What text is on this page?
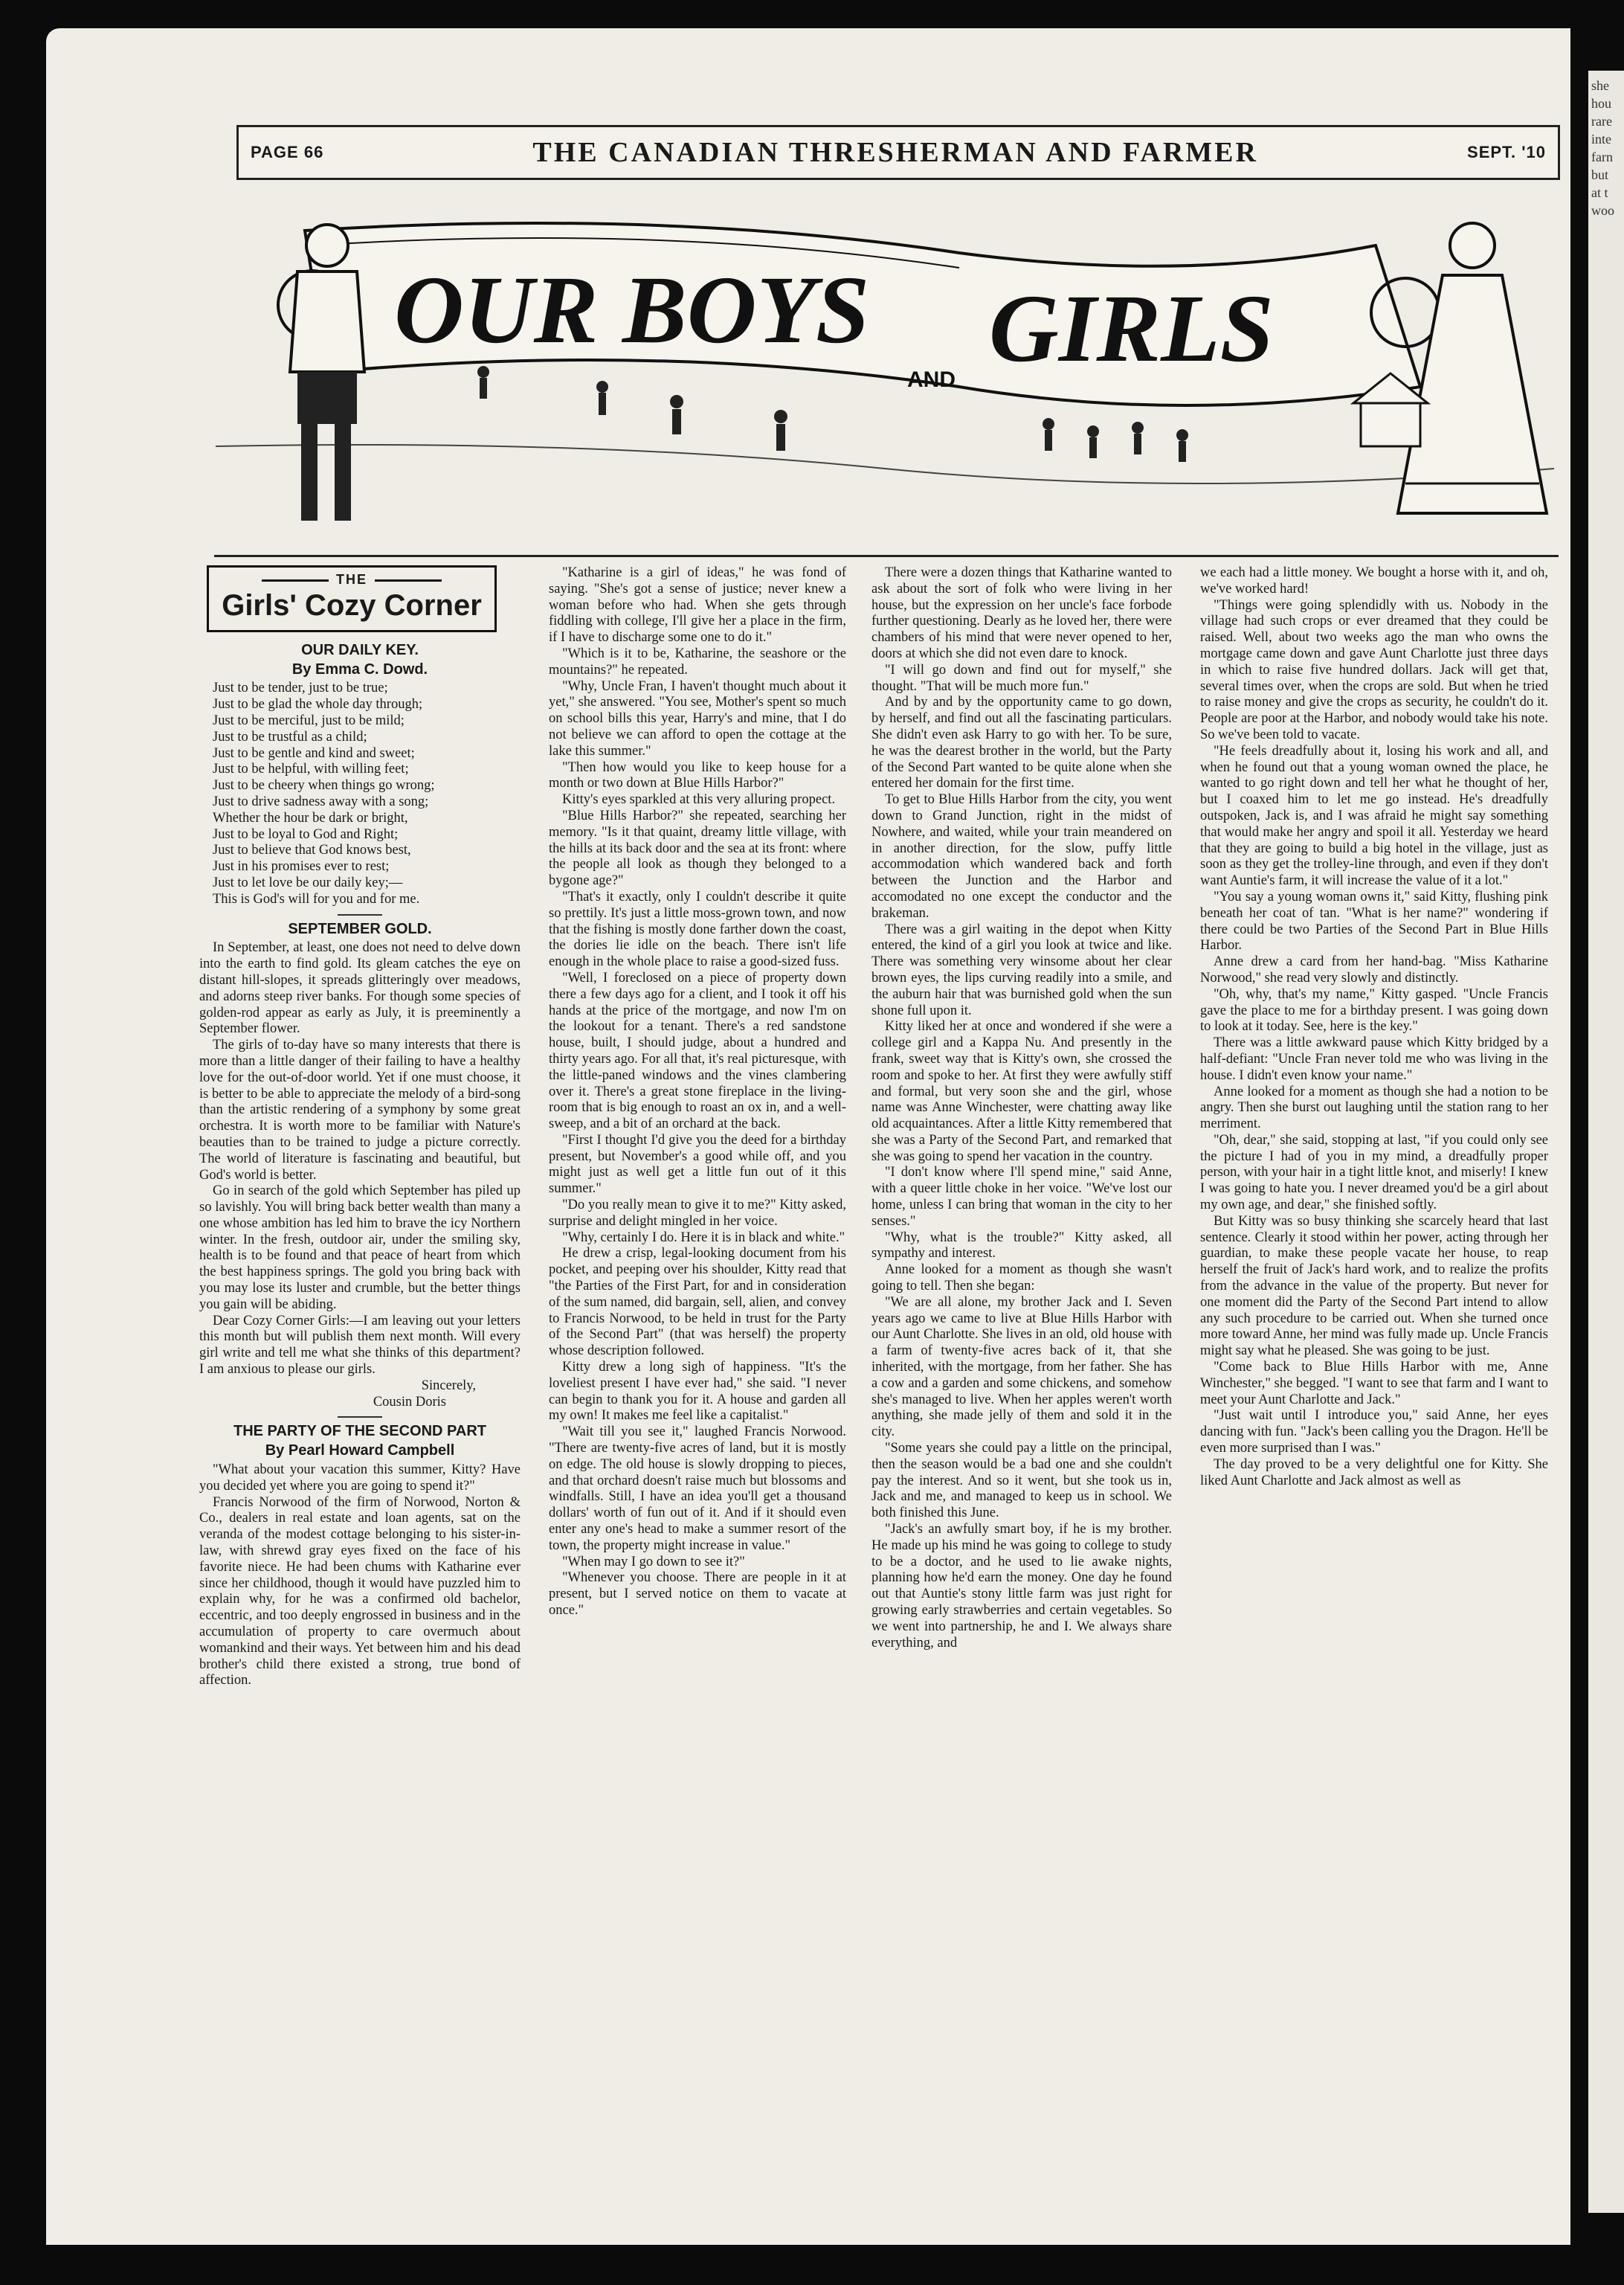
she
hou
rare
inte
farn
but
at t
woo
PAGE 66	THE CANADIAN THRESHERMAN AND FARMER	SEPT. '10
OUR BOYS
AND GIRLS
THE
Girls' Cozy Corner
OUR DAILY KEY.
By Emma C. Dowd.

Just to be tender, just to be true;

Just to be glad the whole day through;

Just to be merciful, just to be mild;

Just to be trustful as a child;

Just to be gentle and kind and sweet;

Just to be helpful, with willing feet;

Just to be cheery when things go wrong;

Just to drive sadness away with a song;

Whether the hour be dark or bright,

Just to be loyal to God and Right;

Just to believe that God knows best,

Just in his promises ever to rest;

Just to let love be our daily key;—

This is God's will for you and for me.

SEPTEMBER GOLD.

In September, at least, one does not need to delve down into the earth to find gold. Its gleam catches the eye on distant hill-slopes, it spreads glitteringly over meadows, and adorns steep river banks. For though some species of golden-rod appear as early as July, it is preeminently a September flower.

The girls of to-day have so many interests that there is more than a little danger of their failing to have a healthy love for the out-of-door world. Yet if one must choose, it is better to be able to appreciate the melody of a bird-song than the artistic rendering of a symphony by some great orchestra. It is worth more to be familiar with Nature's beauties than to be trained to judge a picture correctly. The world of literature is fascinating and beautiful, but God's world is better.

Go in search of the gold which September has piled up so lavishly. You will bring back better wealth than many a one whose ambition has led him to brave the icy Northern winter. In the fresh, outdoor air, under the smiling sky, health is to be found and that peace of heart from which the best happiness springs. The gold you bring back with you may lose its luster and crumble, but the better things you gain will be abiding.

Dear Cozy Corner Girls:—I am leaving out your letters this month but will publish them next month. Will every girl write and tell me what she thinks of this department? I am anxious to please our girls.

Sincerely,

Cousin Doris

THE PARTY OF THE SECOND PART
By Pearl Howard Campbell

"What about your vacation this summer, Kitty? Have you decided yet where you are going to spend it?"

Francis Norwood of the firm of Norwood, Norton & Co., dealers in real estate and loan agents, sat on the veranda of the modest cottage belonging to his sister-in-law, with shrewd gray eyes fixed on the face of his favorite niece. He had been chums with Katharine ever since her childhood, though it would have puzzled him to explain why, for he was a confirmed old bachelor, eccentric, and too deeply engrossed in business and in the accumulation of property to care overmuch about womankind and their ways. Yet between him and his dead brother's child there existed a strong, true bond of affection.

"Katharine is a girl of ideas," he was fond of saying. "She's got a sense of justice; never knew a woman before who had. When she gets through fiddling with college, I'll give her a place in the firm, if I have to discharge some one to do it."

"Which is it to be, Katharine, the seashore or the mountains?" he repeated.

"Why, Uncle Fran, I haven't thought much about it yet," she answered. "You see, Mother's spent so much on school bills this year, Harry's and mine, that I do not believe we can afford to open the cottage at the lake this summer."

"Then how would you like to keep house for a month or two down at Blue Hills Harbor?"

Kitty's eyes sparkled at this very alluring propect.

"Blue Hills Harbor?" she repeated, searching her memory. "Is it that quaint, dreamy little village, with the hills at its back door and the sea at its front: where the people all look as though they belonged to a bygone age?"

"That's it exactly, only I couldn't describe it quite so prettily. It's just a little moss-grown town, and now that the fishing is mostly done farther down the coast, the dories lie idle on the beach. There isn't life enough in the whole place to raise a good-sized fuss.

"Well, I foreclosed on a piece of property down there a few days ago for a client, and I took it off his hands at the price of the mortgage, and now I'm on the lookout for a tenant. There's a red sandstone house, built, I should judge, about a hundred and thirty years ago. For all that, it's real picturesque, with the little-paned windows and the vines clambering over it. There's a great stone fireplace in the living-room that is big enough to roast an ox in, and a well-sweep, and a bit of an orchard at the back.

"First I thought I'd give you the deed for a birthday present, but November's a good while off, and you might just as well get a little fun out of it this summer."

"Do you really mean to give it to me?" Kitty asked, surprise and delight mingled in her voice.

"Why, certainly I do. Here it is in black and white."

He drew a crisp, legal-looking document from his pocket, and peeping over his shoulder, Kitty read that "the Parties of the First Part, for and in consideration of the sum named, did bargain, sell, alien, and convey to Francis Norwood, to be held in trust for the Party of the Second Part" (that was herself) the property whose description followed.

Kitty drew a long sigh of happiness. "It's the loveliest present I have ever had," she said. "I never can begin to thank you for it. A house and garden all my own! It makes me feel like a capitalist."

"Wait till you see it," laughed Francis Norwood. "There are twenty-five acres of land, but it is mostly on edge. The old house is slowly dropping to pieces, and that orchard doesn't raise much but blossoms and windfalls. Still, I have an idea you'll get a thousand dollars' worth of fun out of it. And if it should even enter any one's head to make a summer resort of the town, the property might increase in value."

"When may I go down to see it?"

"Whenever you choose. There are people in it at present, but I served notice on them to vacate at once."

There were a dozen things that Katharine wanted to ask about the sort of folk who were living in her house, but the expression on her uncle's face forbode further questioning. Dearly as he loved her, there were chambers of his mind that were never opened to her, doors at which she did not even dare to knock.

"I will go down and find out for myself," she thought. "That will be much more fun."

And by and by the opportunity came to go down, by herself, and find out all the fascinating particulars. She didn't even ask Harry to go with her. To be sure, he was the dearest brother in the world, but the Party of the Second Part wanted to be quite alone when she entered her domain for the first time.

To get to Blue Hills Harbor from the city, you went down to Grand Junction, right in the midst of Nowhere, and waited, while your train meandered on in another direction, for the slow, puffy little accommodation which wandered back and forth between the Junction and the Harbor and accomodated no one except the conductor and the brakeman.

There was a girl waiting in the depot when Kitty entered, the kind of a girl you look at twice and like. There was something very winsome about her clear brown eyes, the lips curving readily into a smile, and the auburn hair that was burnished gold when the sun shone full upon it.

Kitty liked her at once and wondered if she were a college girl and a Kappa Nu. And presently in the frank, sweet way that is Kitty's own, she crossed the room and spoke to her. At first they were awfully stiff and formal, but very soon she and the girl, whose name was Anne Winchester, were chatting away like old acquaintances. After a little Kitty remembered that she was a Party of the Second Part, and remarked that she was going to spend her vacation in the country.

"I don't know where I'll spend mine," said Anne, with a queer little choke in her voice. "We've lost our home, unless I can bring that woman in the city to her senses."

"Why, what is the trouble?" Kitty asked, all sympathy and interest.

Anne looked for a moment as though she wasn't going to tell. Then she began:

"We are all alone, my brother Jack and I. Seven years ago we came to live at Blue Hills Harbor with our Aunt Charlotte. She lives in an old, old house with a farm of twenty-five acres back of it, that she inherited, with the mortgage, from her father. She has a cow and a garden and some chickens, and somehow she's managed to live. When her apples weren't worth anything, she made jelly of them and sold it in the city.

"Some years she could pay a little on the principal, then the season would be a bad one and she couldn't pay the interest. And so it went, but she took us in, Jack and me, and managed to keep us in school. We both finished this June.

"Jack's an awfully smart boy, if he is my brother. He made up his mind he was going to college to study to be a doctor, and he used to lie awake nights, planning how he'd earn the money. One day he found out that Auntie's stony little farm was just right for growing early strawberries and certain vegetables. So we went into partnership, he and I. We always share everything, and

we each had a little money. We bought a horse with it, and oh, we've worked hard!

"Things were going splendidly with us. Nobody in the village had such crops or ever dreamed that they could be raised. Well, about two weeks ago the man who owns the mortgage came down and gave Aunt Charlotte just three days in which to raise five hundred dollars. Jack will get that, several times over, when the crops are sold. But when he tried to raise money and give the crops as security, he couldn't do it. People are poor at the Harbor, and nobody would take his note. So we've been told to vacate.

"He feels dreadfully about it, losing his work and all, and when he found out that a young woman owned the place, he wanted to go right down and tell her what he thought of her, but I coaxed him to let me go instead. He's dreadfully outspoken, Jack is, and I was afraid he might say something that would make her angry and spoil it all. Yesterday we heard that they are going to build a big hotel in the village, just as soon as they get the trolley-line through, and even if they don't want Auntie's farm, it will increase the value of it a lot."

"You say a young woman owns it," said Kitty, flushing pink beneath her coat of tan. "What is her name?" wondering if there could be two Parties of the Second Part in Blue Hills Harbor.

Anne drew a card from her hand-bag. "Miss Katharine Norwood," she read very slowly and distinctly.

"Oh, why, that's my name," Kitty gasped. "Uncle Francis gave the place to me for a birthday present. I was going down to look at it today. See, here is the key."

There was a little awkward pause which Kitty bridged by a half-defiant: "Uncle Fran never told me who was living in the house. I didn't even know your name."

Anne looked for a moment as though she had a notion to be angry. Then she burst out laughing until the station rang to her merriment.

"Oh, dear," she said, stopping at last, "if you could only see the picture I had of you in my mind, a dreadfully proper person, with your hair in a tight little knot, and miserly! I knew I was going to hate you. I never dreamed you'd be a girl about my own age, and dear," she finished softly.

But Kitty was so busy thinking she scarcely heard that last sentence. Clearly it stood within her power, acting through her guardian, to make these people vacate her house, to reap herself the fruit of Jack's hard work, and to realize the profits from the advance in the value of the property. But never for one moment did the Party of the Second Part intend to allow any such procedure to be carried out. When she turned once more toward Anne, her mind was fully made up. Uncle Francis might say what he pleased. She was going to be just.

"Come back to Blue Hills Harbor with me, Anne Winchester," she begged. "I want to see that farm and I want to meet your Aunt Charlotte and Jack."

"Just wait until I introduce you," said Anne, her eyes dancing with fun. "Jack's been calling you the Dragon. He'll be even more surprised than I was."

The day proved to be a very delightful one for Kitty. She liked Aunt Charlotte and Jack almost as well as
